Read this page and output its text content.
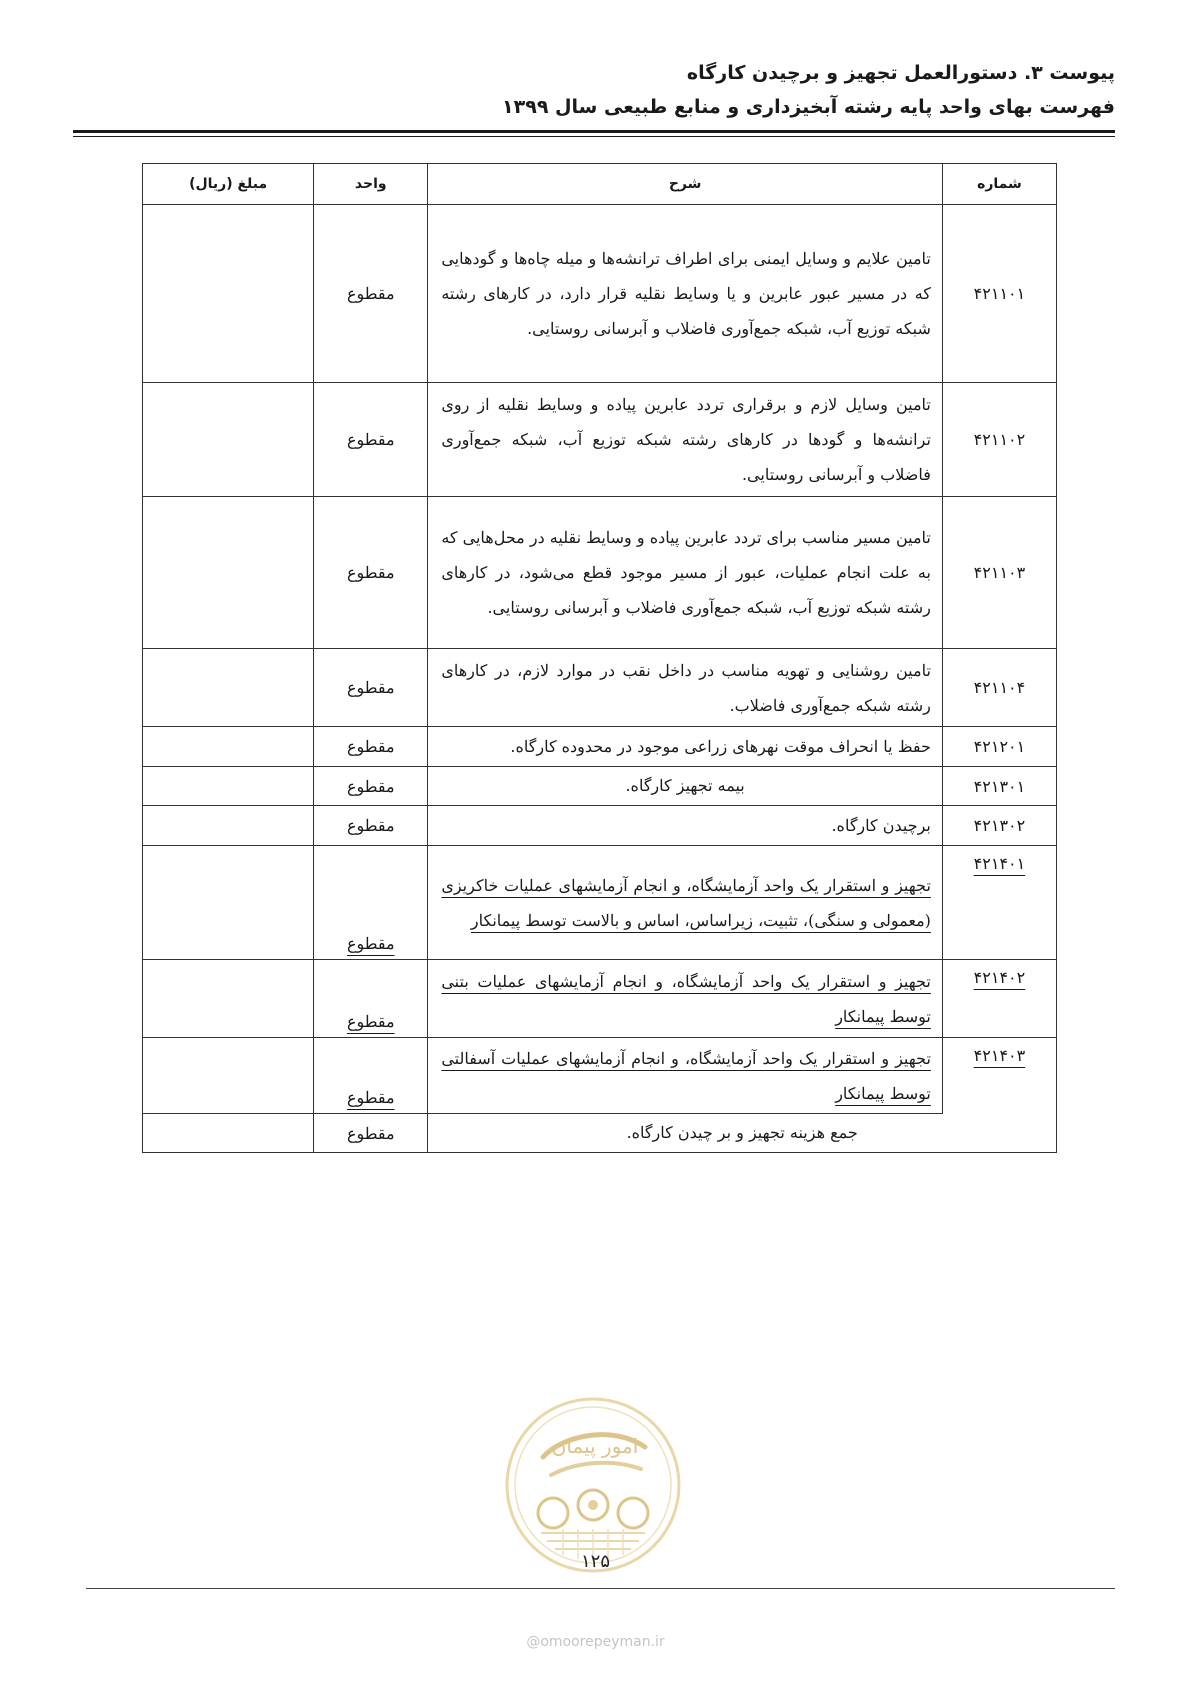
پیوست ۳. دستورالعمل تجهیز و برچیدن کارگاه
فهرست بهای واحد پایه رشته آبخیزداری و منابع طبیعی سال ۱۳۹۹
شماره	شرح	واحد	مبلغ (ریال)
۴۲۱۱۰۱	تامین علایم و وسایل ایمنی برای اطراف ترانشه‌ها و میله چاه‌ها و گودهایی که در مسیر عبور عابرین و یا وسایط نقلیه قرار دارد، در کارهای رشته شبکه توزیع آب، شبکه جمع‌آوری فاضلاب و آبرسانی روستایی.	مقطوع	
۴۲۱۱۰۲	تامین وسایل لازم و برقراری تردد عابرین پیاده و وسایط نقلیه از روی ترانشه‌ها و گودها در کارهای رشته شبکه توزیع آب، شبکه جمع‌آوری فاضلاب و آبرسانی روستایی.	مقطوع	
۴۲۱۱۰۳	تامین مسیر مناسب برای تردد عابرین پیاده و وسایط نقلیه در محل‌هایی که به علت انجام عملیات، عبور از مسیر موجود قطع می‌شود، در کارهای رشته شبکه توزیع آب، شبکه جمع‌آوری فاضلاب و آبرسانی روستایی.	مقطوع	
۴۲۱۱۰۴	تامین روشنایی و تهویه مناسب در داخل نقب در موارد لازم، در کارهای رشته شبکه جمع‌آوری فاضلاب.	مقطوع	
۴۲۱۲۰۱	حفظ یا انحراف موقت نهرهای زراعی موجود در محدوده کارگاه.	مقطوع	
۴۲۱۳۰۱	بیمه تجهیز کارگاه.	مقطوع	
۴۲۱۳۰۲	برچیدن کارگاه.	مقطوع	
۴۲۱۴۰۱	تجهیز و استقرار یک واحد آزمایشگاه، و انجام آزمایشهای عملیات خاکریزی (معمولی و سنگی)، تثبیت، زیراساس، اساس و بالاست توسط پیمانکار	مقطوع	
۴۲۱۴۰۲	تجهیز و استقرار یک واحد آزمایشگاه، و انجام آزمایشهای عملیات بتنی توسط پیمانکار	مقطوع	
۴۲۱۴۰۳	تجهیز و استقرار یک واحد آزمایشگاه، و انجام آزمایشهای عملیات آسفالتی توسط پیمانکار	مقطوع	

جمع هزینه تجهیز و بر چیدن کارگاه.		مقطوع	
امور پیمان
۱۲۵
@omoorepeyman.ir
